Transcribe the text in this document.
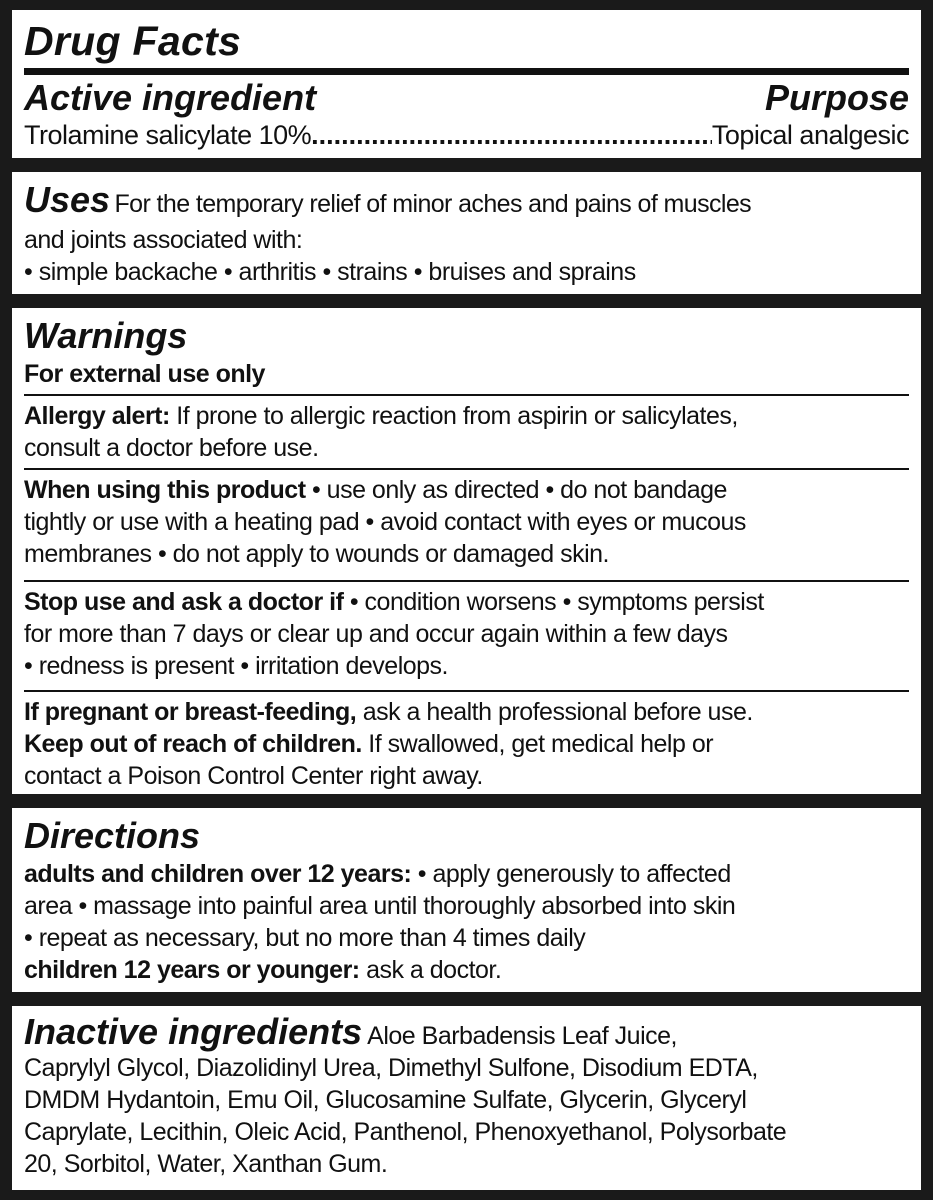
Drug Facts
Active ingredient	Purpose
Trolamine salicylate 10%
.....	Topical analgesic
Uses For the temporary relief of minor aches and pains of muscles
and joints associated with:
• simple backache • arthritis • strains • bruises and sprains
Warnings
For external use only
Allergy alert: If prone to allergic reaction from aspirin or salicylates,
consult a doctor before use.
When using this product • use only as directed • do not bandage
tightly or use with a heating pad • avoid contact with eyes or mucous
membranes • do not apply to wounds or damaged skin.
Stop use and ask a doctor if • condition worsens • symptoms persist
for more than 7 days or clear up and occur again within a few days
• redness is present • irritation develops.
If pregnant or breast-feeding, ask a health professional before use.
Keep out of reach of children. If swallowed, get medical help or
contact a Poison Control Center right away.
Directions
adults and children over 12 years: • apply generously to affected
area • massage into painful area until thoroughly absorbed into skin
• repeat as necessary, but no more than 4 times daily
children 12 years or younger: ask a doctor.
Inactive ingredients Aloe Barbadensis Leaf Juice,
Caprylyl Glycol, Diazolidinyl Urea, Dimethyl Sulfone, Disodium EDTA,
DMDM Hydantoin, Emu Oil, Glucosamine Sulfate, Glycerin, Glyceryl
Caprylate, Lecithin, Oleic Acid, Panthenol, Phenoxyethanol, Polysorbate
20, Sorbitol, Water, Xanthan Gum.
